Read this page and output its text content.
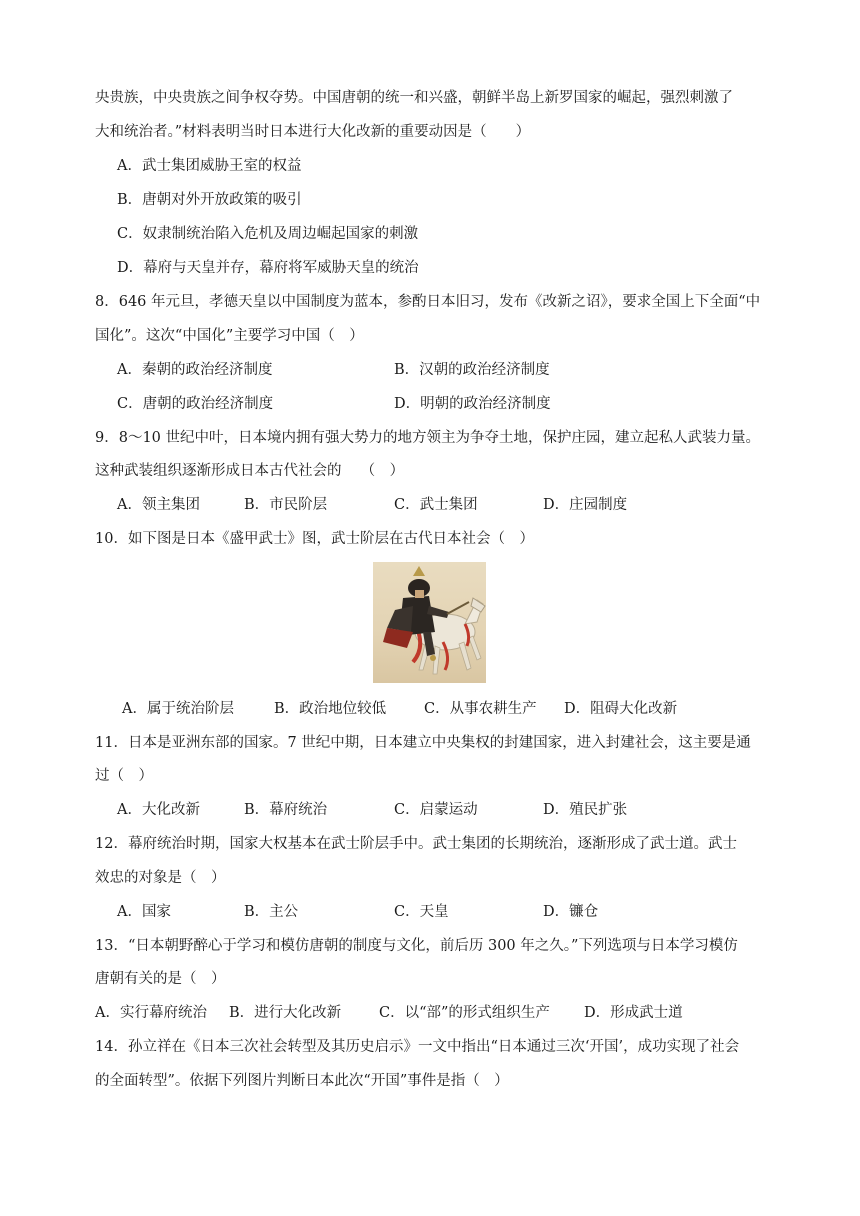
央贵族，中央贵族之间争权夺势。中国唐朝的统一和兴盛，朝鲜半岛上新罗国家的崛起，强烈刺激了
大和统治者。”材料表明当时日本进行大化改新的重要动因是（　　）
A．武士集团威胁王室的权益
B．唐朝对外开放政策的吸引
C．奴隶制统治陷入危机及周边崛起国家的刺激
D．幕府与天皇并存，幕府将军威胁天皇的统治
8．646 年元旦，孝德天皇以中国制度为蓝本，参酌日本旧习，发布《改新之诏》，要求全国上下全面“中
国化”。这次“中国化”主要学习中国（　）
A．秦朝的政治经济制度	B．汉朝的政治经济制度
C．唐朝的政治经济制度	D．明朝的政治经济制度
9．8～10 世纪中叶，日本境内拥有强大势力的地方领主为争夺土地，保护庄园，建立起私人武装力量。
这种武装组织逐渐形成日本古代社会的　 （　）
A．领主集团	B．市民阶层	C．武士集团	D．庄园制度
10．如下图是日本《盛甲武士》图，武士阶层在古代日本社会（　）
A．属于统治阶层	B．政治地位较低	C．从事农耕生产 D．阻碍大化改新
11．日本是亚洲东部的国家。7 世纪中期，日本建立中央集权的封建国家，进入封建社会，这主要是通
过（　）
A．大化改新	B．幕府统治	C．启蒙运动	D．殖民扩张
12．幕府统治时期，国家大权基本在武士阶层手中。武士集团的长期统治，逐渐形成了武士道。武士
效忠的对象是（　）
A．国家	B．主公	C．天皇	D．镰仓
13．“日本朝野醉心于学习和模仿唐朝的制度与文化，前后历 300 年之久。”下列选项与日本学习模仿
唐朝有关的是（　）
A．实行幕府统治 B．进行大化改新	C．以“部”的形式组织生产 D．形成武士道
14．孙立祥在《日本三次社会转型及其历史启示》一文中指出“日本通过三次‘开国’，成功实现了社会
的全面转型”。依据下列图片判断日本此次“开国”事件是指（　）
